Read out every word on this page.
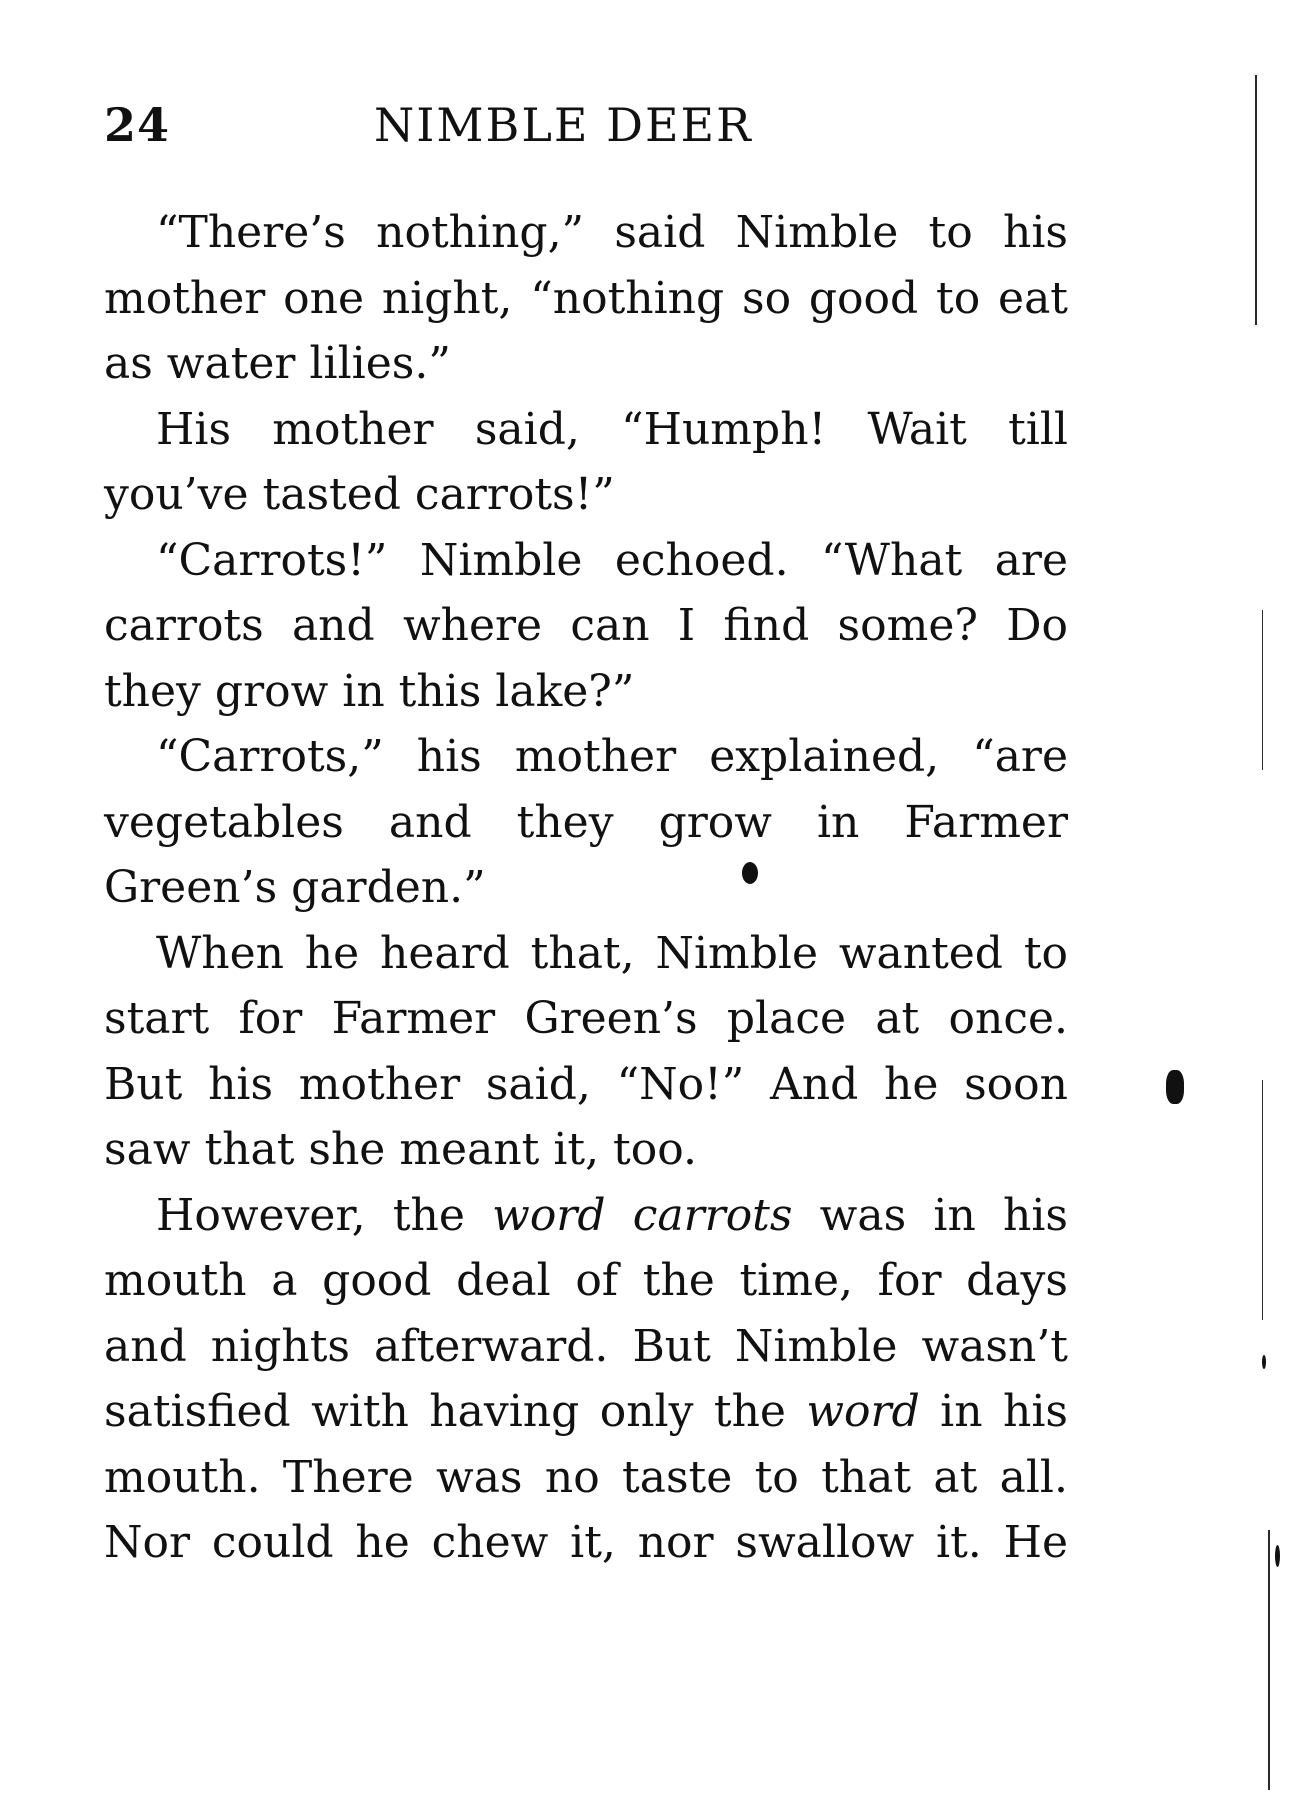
24	NIMBLE DEER
“There’s nothing,” said Nimble to his
mother one night, “nothing so good to eat
as water lilies.”
His mother said, “Humph! Wait till
you’ve tasted carrots!”
“Carrots!” Nimble echoed. “What are
carrots and where can I find some? Do
they grow in this lake?”
“Carrots,” his mother explained, “are
vegetables and they grow in Farmer
Green’s garden.”
When he heard that, Nimble wanted to
start for Farmer Green’s place at once.
But his mother said, “No!” And he soon
saw that she meant it, too.
However, the word carrots was in his
mouth a good deal of the time, for days
and nights afterward. But Nimble wasn’t
satisfied with having only the word in his
mouth. There was no taste to that at all.
Nor could he chew it, nor swallow it. He
